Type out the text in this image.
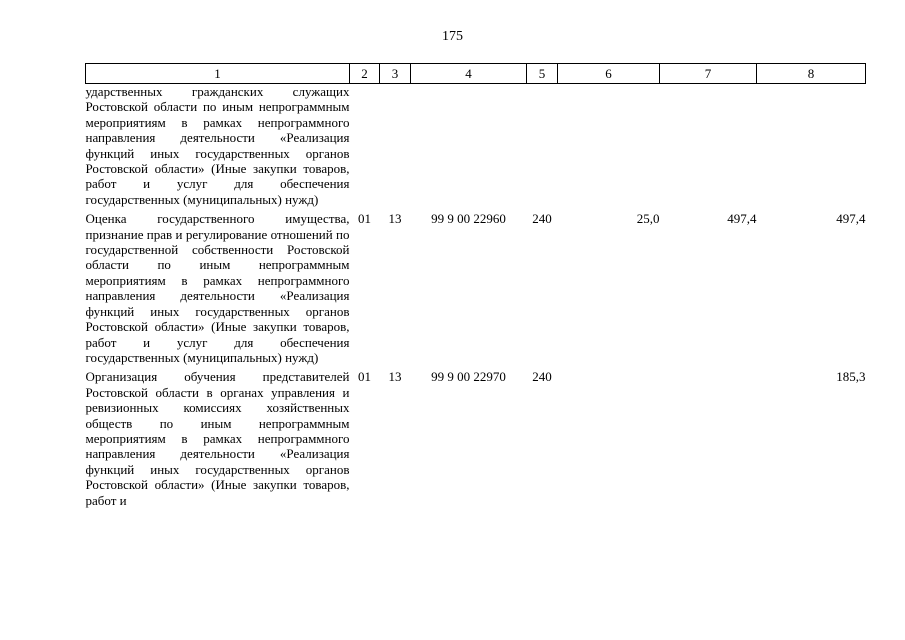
175
1	2	3	4	5	6	7	8
ударственных гражданских служащих Ростовской области по иным непрограммным мероприятиям в рамках непрограммного направления деятельности «Реализация функций иных государственных органов Ростовской области» (Иные закупки товаров, работ и услуг для обеспечения государственных (муниципальных) нужд)							
Оценка государственного имущества, признание прав и регулирование отношений по государственной собственности Ростовской области по иным непрограммным мероприятиям в рамках непрограммного направления деятельности «Реализация функций иных государственных органов Ростовской области» (Иные закупки товаров, работ и услуг для обеспечения государственных (муниципальных) нужд)	01	13	99 9 00 22960	240	25,0	497,4	497,4
Организация обучения представителей Ростовской области в органах управления и ревизионных комиссиях хозяйственных обществ по иным непрограммным мероприятиям в рамках непрограммного направления деятельности «Реализация функций иных государственных органов Ростовской области» (Иные закупки товаров, работ и	01	13	99 9 00 22970	240			185,3
